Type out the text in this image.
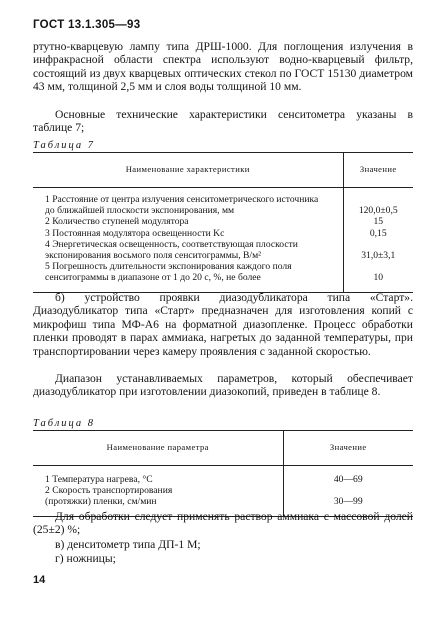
ГОСТ 13.1.305—93
ртутно-кварцевую лампу типа ДРШ-1000. Для поглощения излучения в инфракрасной области спектра используют водно-кварцевый фильтр, состоящий из двух кварцевых оптических стекол по ГОСТ 15130 диаметром 43 мм, толщиной 2,5 мм и слоя воды толщиной 10 мм.
Основные технические характеристики сенситометра указаны в таблице 7;
Таблица 7
Наименование характеристики	Значение

1 Расстояние от центра излучения сенситометрического источника до ближайшей плоскости экспонирования, мм	120,0±0,5
2 Количество ступеней модулятора	15
3 Постоянная модулятора освещенности Kс	0,15
4 Энергетическая освещенность, соответствующая плоскости экспонирования восьмого поля сенситограммы, В/м²	31,0±3,1
5 Погрешность длительности экспонирования каждого поля сенситограммы в диапазоне от 1 до 20 с, %, не более	10
б) устройство проявки диазодубликатора типа «Старт». Диазодубликатор типа «Старт» предназначен для изготовления копий с микрофиш типа МФ-А6 на форматной диазопленке. Процесс обработки пленки проводят в парах аммиака, нагретых до заданной температуры, при транспортировании через камеру проявления с заданной скоростью.
Диапазон устанавливаемых параметров, который обеспечивает диазодубликатор при изготовлении диазокопий, приведен в таблице 8.
Таблица 8
Наименование параметра	Значение

1 Температура нагрева, °С	40—69
2 Скорость транспортирования (протяжки) пленки, см/мин	30—99
Для обработки следует применять раствор аммиака с массовой долей (25±2) %;
в) денситометр типа ДП-1 М;
г) ножницы;
14
